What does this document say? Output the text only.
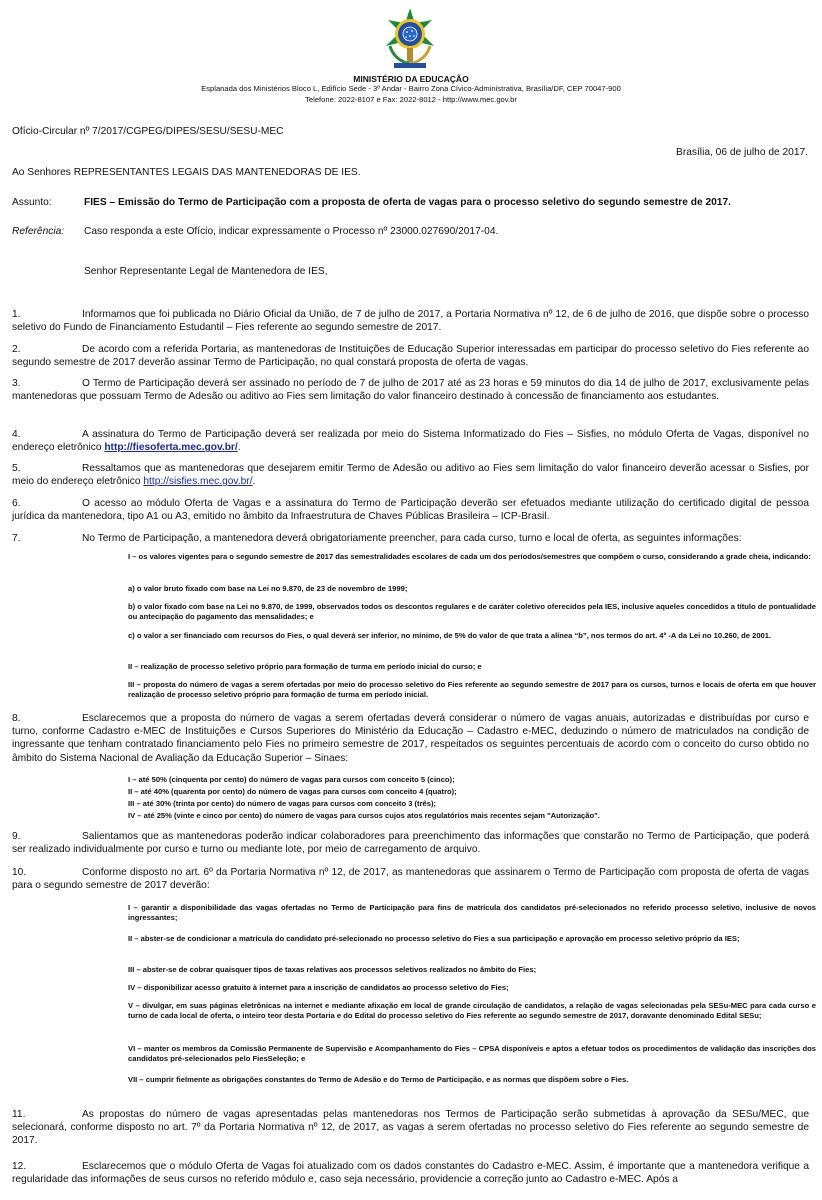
MINISTÉRIO DA EDUCAÇÃO
Esplanada dos Ministérios Bloco L, Edifício Sede - 3º Andar - Bairro Zona Cívico-Administrativa, Brasília/DF, CEP 70047-900
Telefone: 2022-8107 e Fax: 2022-8012 - http://www.mec.gov.br
Ofício-Circular nº 7/2017/CGPEG/DIPES/SESU/SESU-MEC
Brasília, 06 de julho de 2017.
Ao Senhores REPRESENTANTES LEGAIS DAS MANTENEDORAS DE IES.
Assunto:	FIES – Emissão do Termo de Participação com a proposta de oferta de vagas para o processo seletivo do segundo semestre de 2017.
Referência: Caso responda a este Ofício, indicar expressamente o Processo nº 23000.027690/2017-04.
Senhor Representante Legal de Mantenedora de IES,
1.	Informamos que foi publicada no Diário Oficial da União, de 7 de julho de 2017, a Portaria Normativa nº 12, de 6 de julho de 2016, que dispõe sobre o processo seletivo do Fundo de Financiamento Estudantil – Fies referente ao segundo semestre de 2017.
2.	De acordo com a referida Portaria, as mantenedoras de Instituições de Educação Superior interessadas em participar do processo seletivo do Fies referente ao segundo semestre de 2017 deverão assinar Termo de Participação, no qual constará proposta de oferta de vagas.
3.	O Termo de Participação deverá ser assinado no período de 7 de julho de 2017 até as 23 horas e 59 minutos do dia 14 de julho de 2017, exclusivamente pelas mantenedoras que possuam Termo de Adesão ou aditivo ao Fies sem limitação do valor financeiro destinado à concessão de financiamento aos estudantes.
4.	A assinatura do Termo de Participação deverá ser realizada por meio do Sistema Informatizado do Fies – Sisfies, no módulo Oferta de Vagas, disponível no endereço eletrônico http://fiesoferta.mec.gov.br/.
5.	Ressaltamos que as mantenedoras que desejarem emitir Termo de Adesão ou aditivo ao Fies sem limitação do valor financeiro deverão acessar o Sisfies, por meio do endereço eletrônico http://sisfies.mec.gov.br/.
6.	O acesso ao módulo Oferta de Vagas e a assinatura do Termo de Participação deverão ser efetuados mediante utilização do certificado digital de pessoa jurídica da mantenedora, tipo A1 ou A3, emitido no âmbito da Infraestrutura de Chaves Públicas Brasileira – ICP-Brasil.
7.	No Termo de Participação, a mantenedora deverá obrigatoriamente preencher, para cada curso, turno e local de oferta, as seguintes informações:
I – os valores vigentes para o segundo semestre de 2017 das semestralidades escolares de cada um dos períodos/semestres que compõem o curso, considerando a grade cheia, indicando:
a) o valor bruto fixado com base na Lei no 9.870, de 23 de novembro de 1999;
b) o valor fixado com base na Lei no 9.870, de 1999, observados todos os descontos regulares e de caráter coletivo oferecidos pela IES, inclusive aqueles concedidos a título de pontualidade ou antecipação do pagamento das mensalidades; e
c) o valor a ser financiado com recursos do Fies, o qual deverá ser inferior, no mínimo, de 5% do valor de que trata a alínea “b”, nos termos do art. 4º -A da Lei no 10.260, de 2001.
II – realização de processo seletivo próprio para formação de turma em período inicial do curso; e
III – proposta do número de vagas a serem ofertadas por meio do processo seletivo do Fies referente ao segundo semestre de 2017 para os cursos, turnos e locais de oferta em que houver realização de processo seletivo próprio para formação de turma em período inicial.
8.	Esclarecemos que a proposta do número de vagas a serem ofertadas deverá considerar o número de vagas anuais, autorizadas e distribuídas por curso e turno, conforme Cadastro e-MEC de Instituições e Cursos Superiores do Ministério da Educação – Cadastro e-MEC, deduzindo o número de matriculados na condição de ingressante que tenham contratado financiamento pelo Fies no primeiro semestre de 2017, respeitados os seguintes percentuais de acordo com o conceito do curso obtido no âmbito do Sistema Nacional de Avaliação da Educação Superior – Sinaes:
I – até 50% (cinquenta por cento) do número de vagas para cursos com conceito 5 (cinco);
II – até 40% (quarenta por cento) do número de vagas para cursos com conceito 4 (quatro);
III – até 30% (trinta por cento) do número de vagas para cursos com conceito 3 (três);
IV – até 25% (vinte e cinco por cento) do número de vagas para cursos cujos atos regulatórios mais recentes sejam "Autorização".
9.	Salientamos que as mantenedoras poderão indicar colaboradores para preenchimento das informações que constarão no Termo de Participação, que poderá ser realizado individualmente por curso e turno ou mediante lote, por meio de carregamento de arquivo.
10.	Conforme disposto no art. 6º da Portaria Normativa nº 12, de 2017, as mantenedoras que assinarem o Termo de Participação com proposta de oferta de vagas para o segundo semestre de 2017 deverão:
I – garantir a disponibilidade das vagas ofertadas no Termo de Participação para fins de matrícula dos candidatos pré-selecionados no referido processo seletivo, inclusive de novos ingressantes;
II – abster-se de condicionar a matrícula do candidato pré-selecionado no processo seletivo do Fies a sua participação e aprovação em processo seletivo próprio da IES;
III – abster-se de cobrar quaisquer tipos de taxas relativas aos processos seletivos realizados no âmbito do Fies;
IV – disponibilizar acesso gratuito à internet para a inscrição de candidatos ao processo seletivo do Fies;
V – divulgar, em suas páginas eletrônicas na internet e mediante afixação em local de grande circulação de candidatos, a relação de vagas selecionadas pela SESu-MEC para cada curso e turno de cada local de oferta, o inteiro teor desta Portaria e do Edital do processo seletivo do Fies referente ao segundo semestre de 2017, doravante denominado Edital SESu;
VI – manter os membros da Comissão Permanente de Supervisão e Acompanhamento do Fies – CPSA disponíveis e aptos a efetuar todos os procedimentos de validação das inscrições dos candidatos pré-selecionados pelo FiesSeleção; e
VII – cumprir fielmente as obrigações constantes do Termo de Adesão e do Termo de Participação, e as normas que dispõem sobre o Fies.
11.	As propostas do número de vagas apresentadas pelas mantenedoras nos Termos de Participação serão submetidas à aprovação da SESu/MEC, que selecionará, conforme disposto no art. 7º da Portaria Normativa nº 12, de 2017, as vagas a serem ofertadas no processo seletivo do Fies referente ao segundo semestre de 2017.
12.	Esclarecemos que o módulo Oferta de Vagas foi atualizado com os dados constantes do Cadastro e-MEC. Assim, é importante que a mantenedora verifique a regularidade das informações de seus cursos no referido módulo e, caso seja necessário, providencie a correção junto ao Cadastro e-MEC. Após a
